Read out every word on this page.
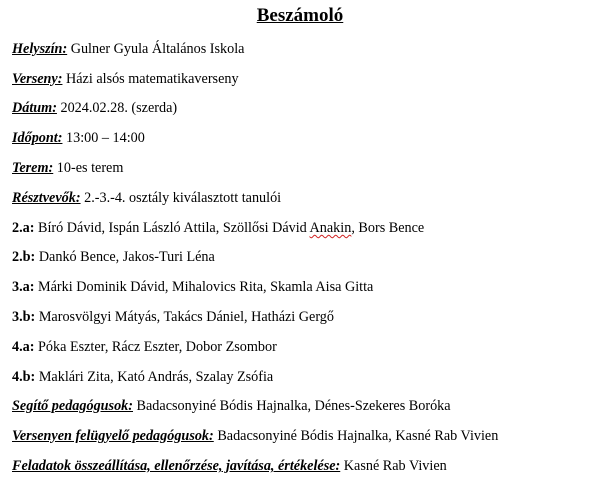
Beszámoló
Helyszín: Gulner Gyula Általános Iskola
Verseny: Házi alsós matematikaverseny
Dátum: 2024.02.28. (szerda)
Időpont: 13:00 – 14:00
Terem: 10-es terem
Résztvevők: 2.-3.-4. osztály kiválasztott tanulói
2.a: Bíró Dávid, Ispán László Attila, Szöllősi Dávid Anakin, Bors Bence
2.b: Dankó Bence, Jakos-Turi Léna
3.a: Márki Dominik Dávid, Mihalovics Rita, Skamla Aisa Gitta
3.b: Marosvölgyi Mátyás, Takács Dániel, Hatházi Gergő
4.a: Póka Eszter, Rácz Eszter, Dobor Zsombor
4.b: Maklári Zita, Kató András, Szalay Zsófia
Segítő pedagógusok: Badacsonyiné Bódis Hajnalka, Dénes-Szekeres Boróka
Versenyen felügyelő pedagógusok: Badacsonyiné Bódis Hajnalka, Kasné Rab Vivien
Feladatok összeállítása, ellenőrzése, javítása, értékelése: Kasné Rab Vivien
